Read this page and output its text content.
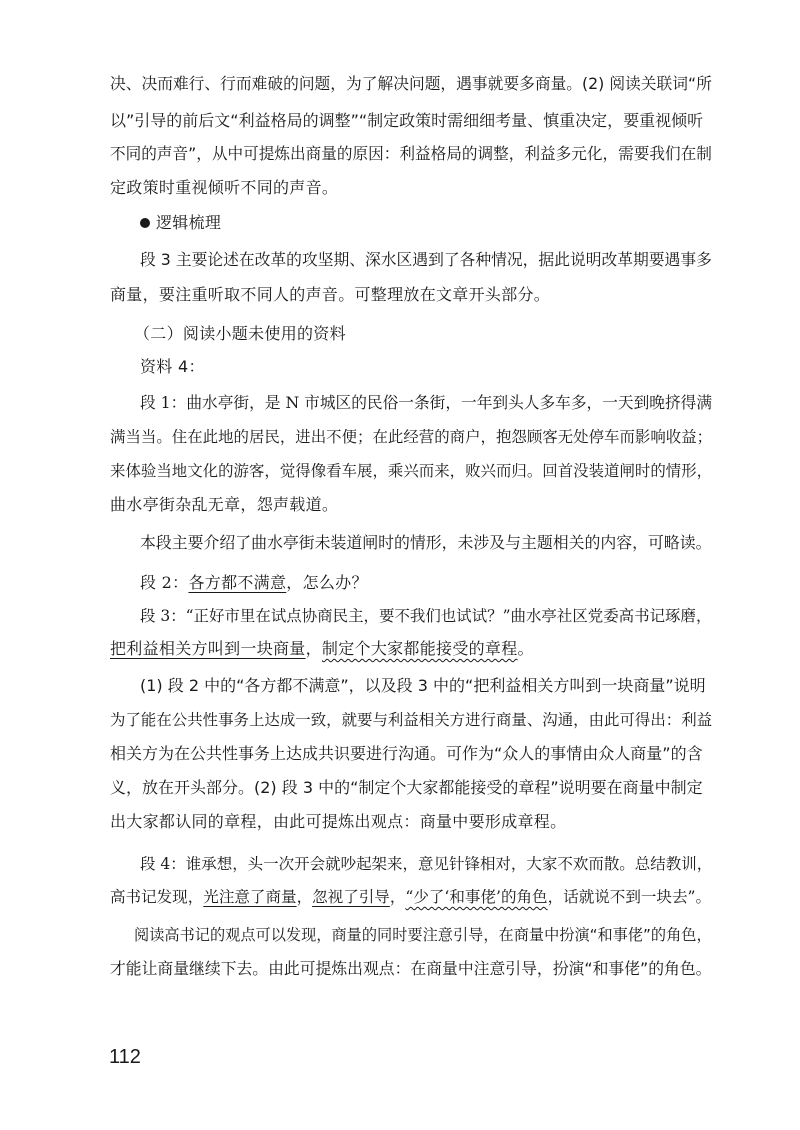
决、决而难行、行而难破的问题，为了解决问题，遇事就要多商量。(2) 阅读关联词“所
以”引导的前后文“利益格局的调整”“制定政策时需细细考量、慎重决定，要重视倾听
不同的声音”，从中可提炼出商量的原因：利益格局的调整，利益多元化，需要我们在制
定政策时重视倾听不同的声音。
逻辑梳理
段 3 主要论述在改革的攻坚期、深水区遇到了各种情况，据此说明改革期要遇事多
商量，要注重听取不同人的声音。可整理放在文章开头部分。
（二）阅读小题未使用的资料
资料 4：
段 1：曲水亭街，是 N 市城区的民俗一条街，一年到头人多车多，一天到晚挤得满
满当当。住在此地的居民，进出不便；在此经营的商户，抱怨顾客无处停车而影响收益；
来体验当地文化的游客，觉得像看车展，乘兴而来，败兴而归。回首没装道闸时的情形，
曲水亭街杂乱无章，怨声载道。
本段主要介绍了曲水亭街未装道闸时的情形，未涉及与主题相关的内容，可略读。
段 2：各方都不满意，怎么办？
段 3：“正好市里在试点协商民主，要不我们也试试？”曲水亭社区党委高书记琢磨，
把利益相关方叫到一块商量，制定个大家都能接受的章程。
(1) 段 2 中的“各方都不满意”，以及段 3 中的“把利益相关方叫到一块商量”说明
为了能在公共性事务上达成一致，就要与利益相关方进行商量、沟通，由此可得出：利益
相关方为在公共性事务上达成共识要进行沟通。可作为“众人的事情由众人商量”的含
义，放在开头部分。(2) 段 3 中的“制定个大家都能接受的章程”说明要在商量中制定
出大家都认同的章程，由此可提炼出观点：商量中要形成章程。
段 4：谁承想，头一次开会就吵起架来，意见针锋相对，大家不欢而散。总结教训，
高书记发现，光注意了商量，忽视了引导，“少了‘和事佬’的角色，话就说不到一块去”。
阅读高书记的观点可以发现，商量的同时要注意引导，在商量中扮演“和事佬”的角色，
才能让商量继续下去。由此可提炼出观点：在商量中注意引导，扮演“和事佬”的角色。
112
